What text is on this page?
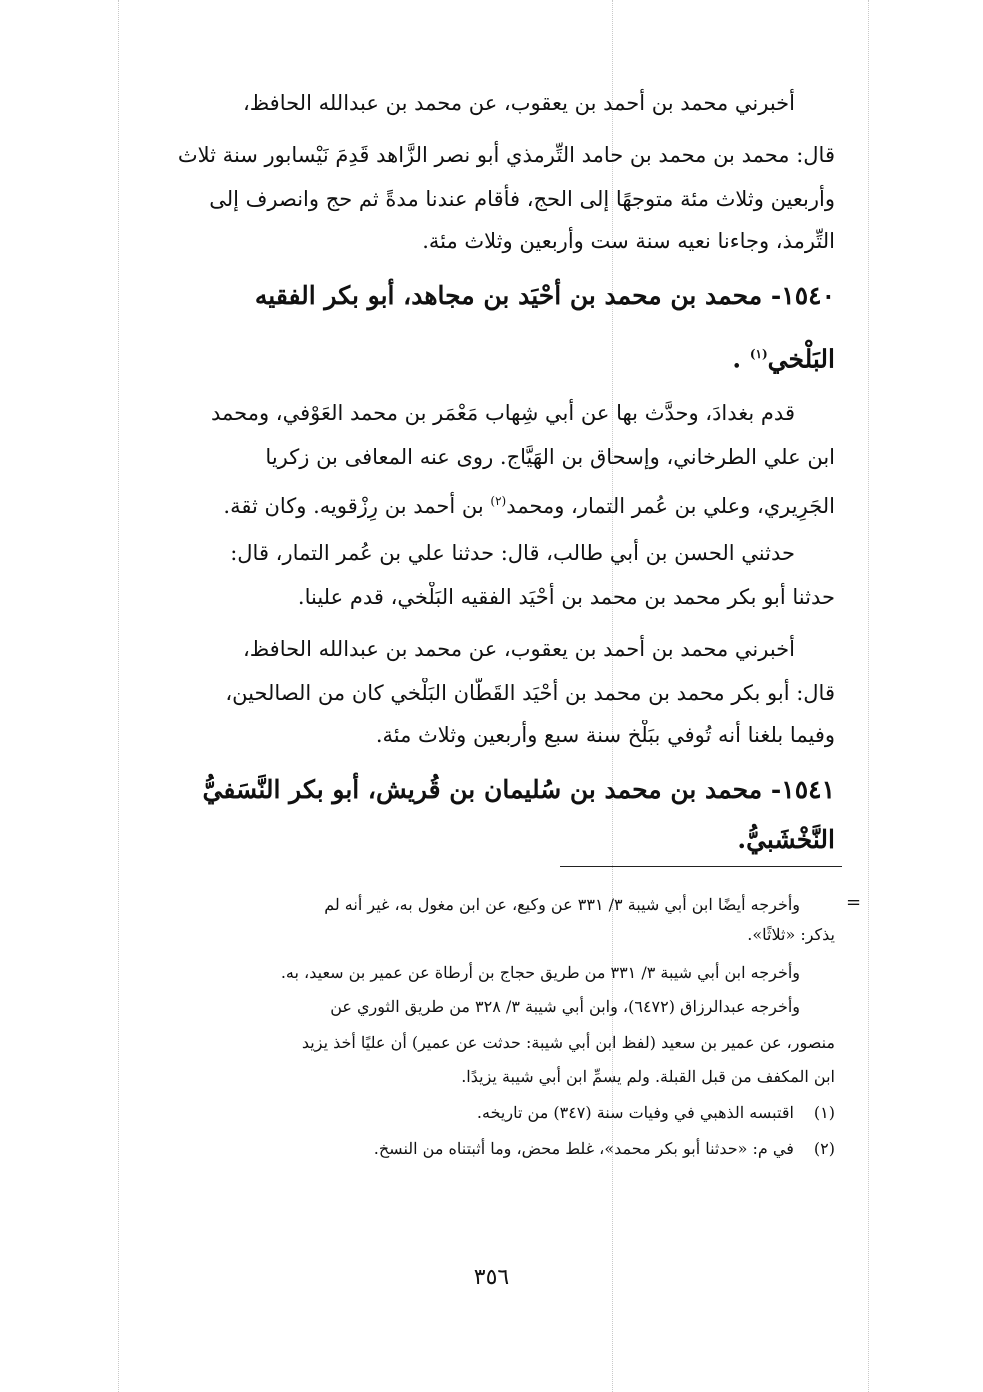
أخبرني محمد بن أحمد بن يعقوب، عن محمد بن عبدالله الحافظ،
قال: محمد بن محمد بن حامد التِّرمذي أبو نصر الزَّاهد قَدِمَ نَيْسابور سنة ثلاث
وأربعين وثلاث مئة متوجهًا إلى الحج، فأقام عندنا مدةً ثم حج وانصرف إلى
التِّرمذ، وجاءنا نعيه سنة ست وأربعين وثلاث مئة.
١٥٤٠- محمد بن محمد بن أحْيَد بن مجاهد، أبو بكر الفقيه
البَلْخي$^{(١)}$ .
قدم بغدادَ، وحدَّث بها عن أبي شِهاب مَعْمَر بن محمد العَوْفي، ومحمد
ابن علي الطرخاني، وإسحاق بن الهَيَّاج. روى عنه المعافى بن زكريا
الجَرِيري، وعلي بن عُمر التمار، ومحمد$^{(٢)}$ بن أحمد بن رِزْقويه. وكان ثقة.
حدثني الحسن بن أبي طالب، قال: حدثنا علي بن عُمر التمار، قال:
حدثنا أبو بكر محمد بن محمد بن أحْيَد الفقيه البَلْخي، قدم علينا.
أخبرني محمد بن أحمد بن يعقوب، عن محمد بن عبدالله الحافظ،
قال: أبو بكر محمد بن محمد بن أحْيَد القَطَّان البَلْخي كان من الصالحين،
وفيما بلغنا أنه تُوفي ببَلْخ سنة سبع وأربعين وثلاث مئة.
١٥٤١- محمد بن محمد بن سُليمان بن قُريش، أبو بكر النَّسَفيُّ
النَّخْشَبيُّ.
=
وأخرجه أيضًا ابن أبي شيبة ٣/ ٣٣١ عن وكيع، عن ابن مغول به، غير أنه لم
يذكر: «ثلاثًا».
وأخرجه ابن أبي شيبة ٣/ ٣٣١ من طريق حجاج بن أرطاة عن عمير بن سعيد، به.
وأخرجه عبدالرزاق (٦٤٧٢)، وابن أبي شيبة ٣/ ٣٢٨ من طريق الثوري عن
منصور، عن عمير بن سعيد (لفظ ابن أبي شيبة: حدثت عن عمير) أن عليًا أخذ يزيد
ابن المكفف من قبل القبلة. ولم يسمِّ ابن أبي شيبة يزيدًا.
(١) اقتبسه الذهبي في وفيات سنة (٣٤٧) من تاريخه.
(٢) في م: «حدثنا أبو بكر محمد»، غلط محض، وما أثبتناه من النسخ.
٣٥٦
